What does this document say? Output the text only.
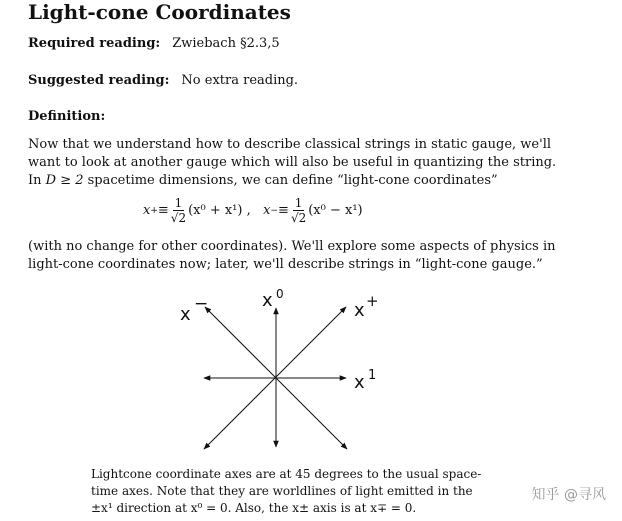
Light-cone Coordinates
Required reading: Zwiebach §2.3,5
Suggested reading: No extra reading.
Definition:
Now that we understand how to describe classical strings in static gauge, we'll
want to look at another gauge which will also be useful in quantizing the string.
In D ≥ 2 spacetime dimensions, we can define “light-cone coordinates”
x + ≡ $\frac{1}{√2} (x^0 + x^1)$ , x − ≡ $\frac{1}{√2} (x^0 - x^1)$
(with no change for other coordinates). We'll explore some aspects of physics in
light-cone coordinates now; later, we'll describe strings in “light-cone gauge.”
x −	x 0
x +
x 1
Lightcone coordinate axes are at 45 degrees to the usual space-
time axes. Note that they are worldlines of light emitted in the
±x¹ direction at x⁰ = 0. Also, the x± axis is at x∓ = 0.
知乎 @寻风
